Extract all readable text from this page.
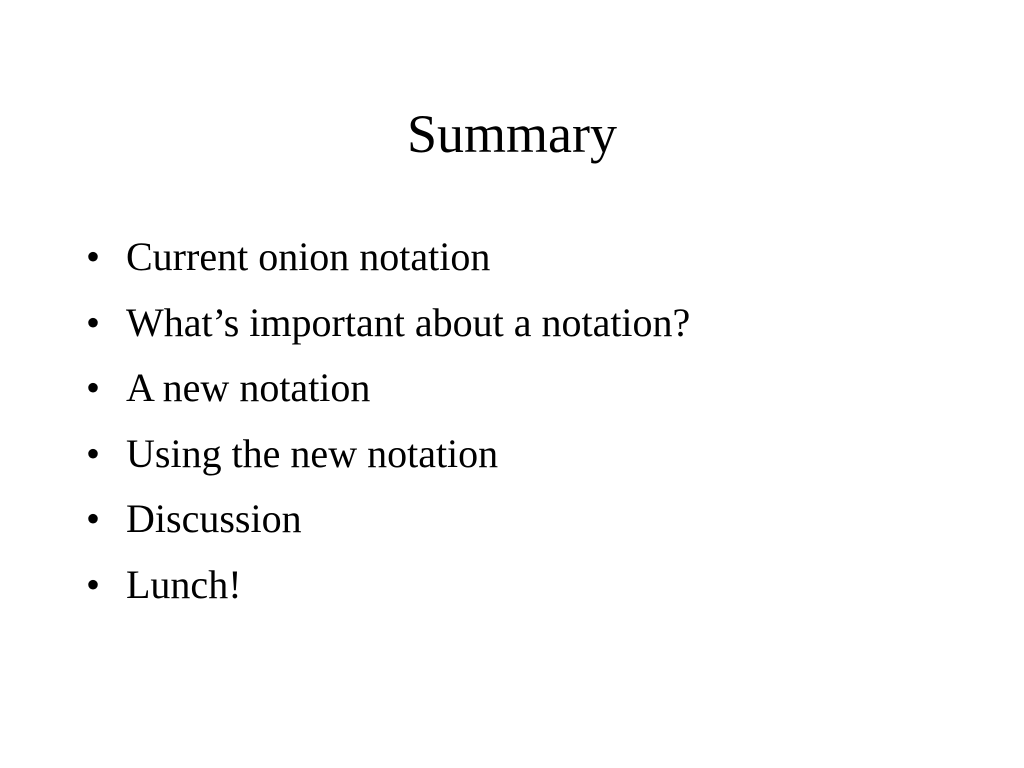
Summary
• Current onion notation
• What’s important about a notation?
• A new notation
• Using the new notation
• Discussion
• Lunch!
